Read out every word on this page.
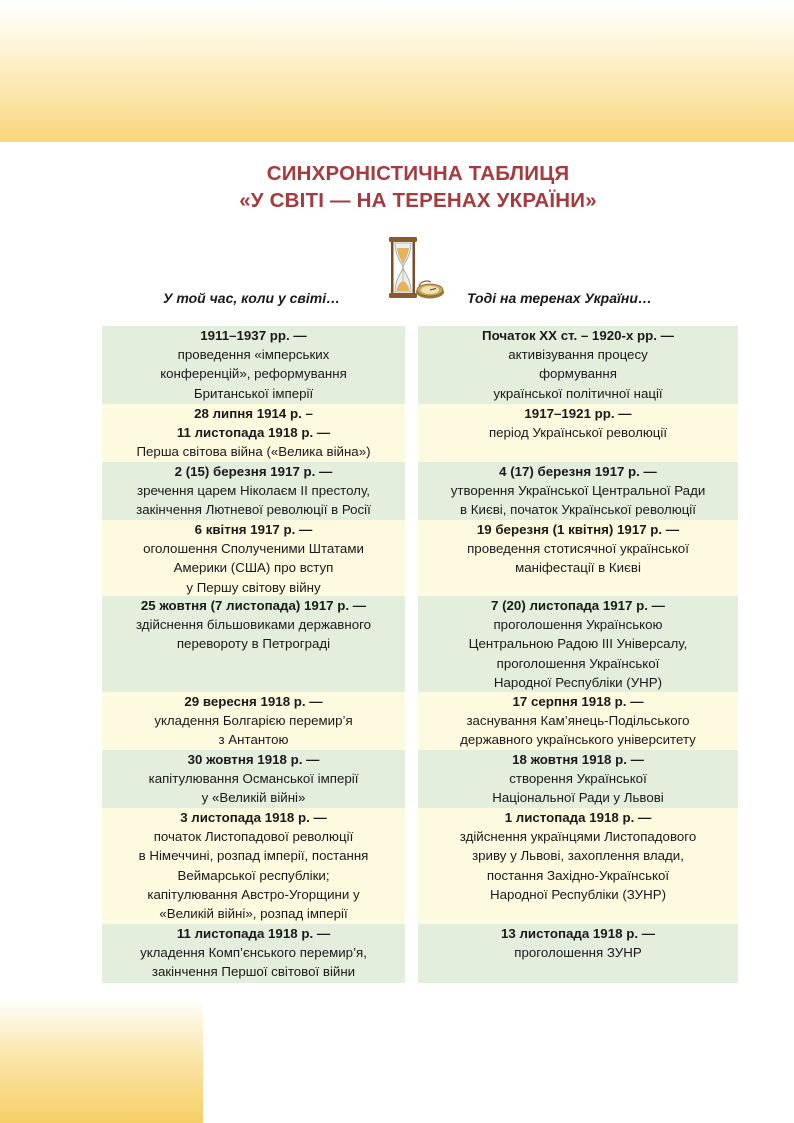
СИНХРОНІСТИЧНА ТАБЛИЦЯ
«У СВІТІ — НА ТЕРЕНАХ УКРАЇНИ»
У той час, коли у світі…	Тоді на теренах України…
1911–1937 рр. —
проведення «імперських
конференцій», реформування
Британської імперії
28 липня 1914 р. –
11 листопада 1918 р. —
Перша світова війна («Велика війна»)
2 (15) березня 1917 р. —
зречення царем Ніколаєм ІІ престолу,
закінчення Лютневої революції в Росії
6 квітня 1917 р. —
оголошення Сполученими Штатами
Америки (США) про вступ
у Першу світову війну
25 жовтня (7 листопада) 1917 р. —
здійснення більшовиками державного
перевороту в Петрограді
29 вересня 1918 р. —
укладення Болгарією перемир’я
з Антантою
30 жовтня 1918 р. —
капітулювання Османської імперії
у «Великій війні»
3 листопада 1918 р. —
початок Листопадової революції
в Німеччині, розпад імперії, постання
Веймарської республіки;
капітулювання Австро-Угорщини у
«Великій війні», розпад імперії
11 листопада 1918 р. —
укладення Комп’єнського перемир’я,
закінчення Першої світової війни
Початок ХХ ст. – 1920-х рр. —
активізування процесу
формування
української політичної нації
1917–1921 рр. —
період Української революції
4 (17) березня 1917 р. —
утворення Української Центральної Ради
в Києві, початок Української революції
19 березня (1 квітня) 1917 р. —
проведення стотисячної української
маніфестації в Києві
7 (20) листопада 1917 р. —
проголошення Українською
Центральною Радою ІІІ Універсалу,
проголошення Української
Народної Республіки (УНР)
17 серпня 1918 р. —
заснування Кам’янець-Подільського
державного українського університету
18 жовтня 1918 р. —
створення Української
Національної Ради у Львові
1 листопада 1918 р. —
здійснення українцями Листопадового
зриву у Львові, захоплення влади,
постання Західно-Української
Народної Республіки (ЗУНР)
13 листопада 1918 р. —
проголошення ЗУНР
